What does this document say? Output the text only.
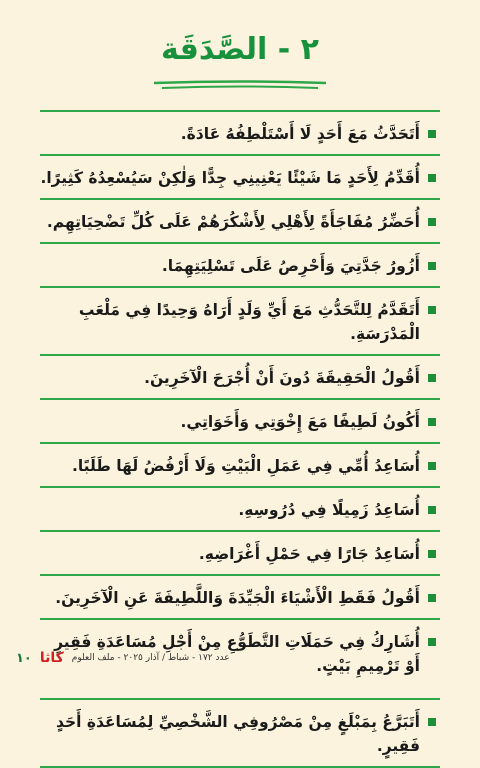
٢ - الصَّدَقَة
أَتَحَدَّثُ مَعَ أَحَدٍ لَا أَسْتَلْطِفُهُ عَادَةً.
أُقَدِّمُ لِأَحَدٍ مَا شَيْئًا يَعْنِينِي جِدًّا وَلٰكِنْ سَيُسْعِدُهُ كَثِيرًا.
أُحَضِّرُ مُفَاجَأَةً لِأَهْلِي لِأَشْكُرَهُمْ عَلَى كُلِّ تَضْحِيَاتِهِم.
أَزُورُ جَدَّتِيَ وَأَحْرِصُ عَلَى تَسْلِيَتِهِمَا.
أَتَقَدَّمُ لِلتَّحَدُّثِ مَعَ أَيِّ وَلَدٍ أَرَاهُ وَحِيدًا فِي مَلْعَبِ الْمَدْرَسَةِ.
أَقُولُ الْحَقِيقَةَ دُونَ أَنْ أُجْرَحَ الْآخَرِينَ.
أَكُونُ لَطِيفًا مَعَ إِخْوَتِي وَأَخَوَاتِي.
أُسَاعِدُ أُمِّي فِي عَمَلِ الْبَيْتِ وَلَا أَرْفُضُ لَهَا طَلَبًا.
أُسَاعِدُ زَمِيلًا فِي دُرُوسِهِ.
أُسَاعِدُ جَارًا فِي حَمْلِ أَغْرَاضِهِ.
أَقُولُ فَقَطِ الْأَشْيَاءَ الْجَيِّدَةَ وَاللَّطِيفَةَ عَنِ الْآخَرِينَ.
أُشَارِكُ فِي حَمَلَاتِ التَّطَوُّعِ مِنْ أَجْلِ مُسَاعَدَةِ فَقِيرٍ أَوْ تَرْمِيمِ بَيْتٍ.
أَتَبَرَّعُ بِمَبْلَغٍ مِنْ مَصْرُوفِي الشَّخْصِيِّ لِمُسَاعَدَةِ أَحَدٍ فَقِيرٍ.
١٠ كاثا عدد ١٧٢ - شباط / آذار ٢٠٢٥ - ملف العلوم
